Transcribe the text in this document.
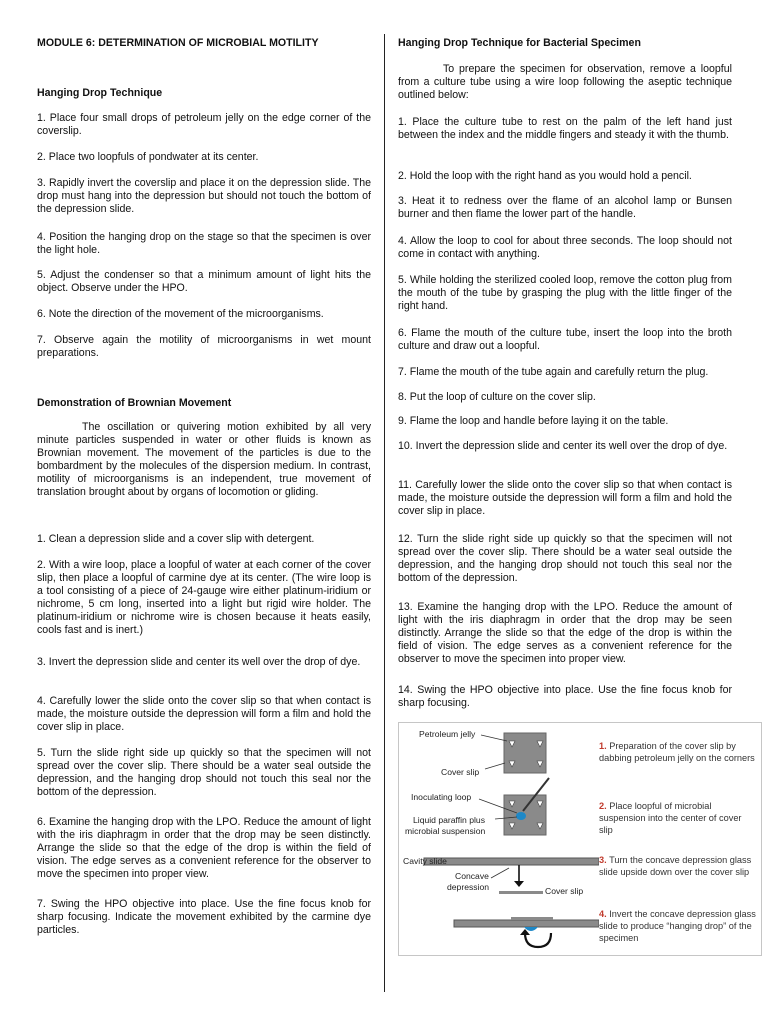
MODULE 6: DETERMINATION OF MICROBIAL MOTILITY
Hanging Drop Technique

1. Place four small drops of petroleum jelly on the edge corner of the coverslip.

2. Place two loopfuls of pondwater at its center.

3. Rapidly invert the coverslip and place it on the depression slide. The drop must hang into the depression but should not touch the bottom of the depression slide.

4. Position the hanging drop on the stage so that the specimen is over the light hole.

5. Adjust the condenser so that a minimum amount of light hits the object. Observe under the HPO.

6. Note the direction of the movement of the microorganisms.

7. Observe again the motility of microorganisms in wet mount preparations.

Demonstration of Brownian Movement

The oscillation or quivering motion exhibited by all very minute particles suspended in water or other fluids is known as Brownian movement. The movement of the particles is due to the bombardment by the molecules of the dispersion medium. In contrast, motility of microorganisms is an independent, true movement of translation brought about by organs of locomotion or gliding.

1. Clean a depression slide and a cover slip with detergent.

2. With a wire loop, place a loopful of water at each corner of the cover slip, then place a loopful of carmine dye at its center. (The wire loop is a tool consisting of a piece of 24-gauge wire either platinum-iridium or nichrome, 5 cm long, inserted into a light but rigid wire holder. The platinum-iridium or nichrome wire is chosen because it heats easily, cools fast and is inert.)

3. Invert the depression slide and center its well over the drop of dye.

4. Carefully lower the slide onto the cover slip so that when contact is made, the moisture outside the depression will form a film and hold the cover slip in place.

5. Turn the slide right side up quickly so that the specimen will not spread over the cover slip. There should be a water seal outside the depression, and the hanging drop should not touch this seal nor the bottom of the depression.

6. Examine the hanging drop with the LPO. Reduce the amount of light with the iris diaphragm in order that the drop may be seen distinctly. Arrange the slide so that the edge of the drop is within the field of vision. The edge serves as a convenient reference for the observer to move the specimen into proper view.

7. Swing the HPO objective into place. Use the fine focus knob for sharp focusing. Indicate the movement exhibited by the carmine dye particles.

Hanging Drop Technique for Bacterial Specimen

To prepare the specimen for observation, remove a loopful from a culture tube using a wire loop following the aseptic technique outlined below:

1. Place the culture tube to rest on the palm of the left hand just between the index and the middle fingers and steady it with the thumb.

2. Hold the loop with the right hand as you would hold a pencil.

3. Heat it to redness over the flame of an alcohol lamp or Bunsen burner and then flame the lower part of the handle.

4. Allow the loop to cool for about three seconds. The loop should not come in contact with anything.

5. While holding the sterilized cooled loop, remove the cotton plug from the mouth of the tube by grasping the plug with the little finger of the right hand.

6. Flame the mouth of the culture tube, insert the loop into the broth culture and draw out a loopful.

7. Flame the mouth of the tube again and carefully return the plug.

8. Put the loop of culture on the cover slip.

9. Flame the loop and handle before laying it on the table.

10. Invert the depression slide and center its well over the drop of dye.

11. Carefully lower the slide onto the cover slip so that when contact is made, the moisture outside the depression will form a film and hold the cover slip in place.

12. Turn the slide right side up quickly so that the specimen will not spread over the cover slip. There should be a water seal outside the depression, and the hanging drop should not touch this seal nor the bottom of the depression.

13. Examine the hanging drop with the LPO. Reduce the amount of light with the iris diaphragm in order that the drop may be seen distinctly. Arrange the slide so that the edge of the drop is within the field of vision. The edge serves as a convenient reference for the observer to move the specimen into proper view.

14. Swing the HPO objective into place. Use the fine focus knob for sharp focusing.

Petroleum jelly
Cover slip
Inoculating loop
Liquid paraffin plus
microbial suspension
Cavity slide
Concave
depression	Cover slip
1. Preparation of the cover slip by dabbing petroleum jelly on the corners
2. Place loopful of microbial suspension into the center of cover slip
3. Turn the concave depression glass slide upside down over the cover slip
4. Invert the concave depression glass slide to produce “hanging drop” of the specimen
